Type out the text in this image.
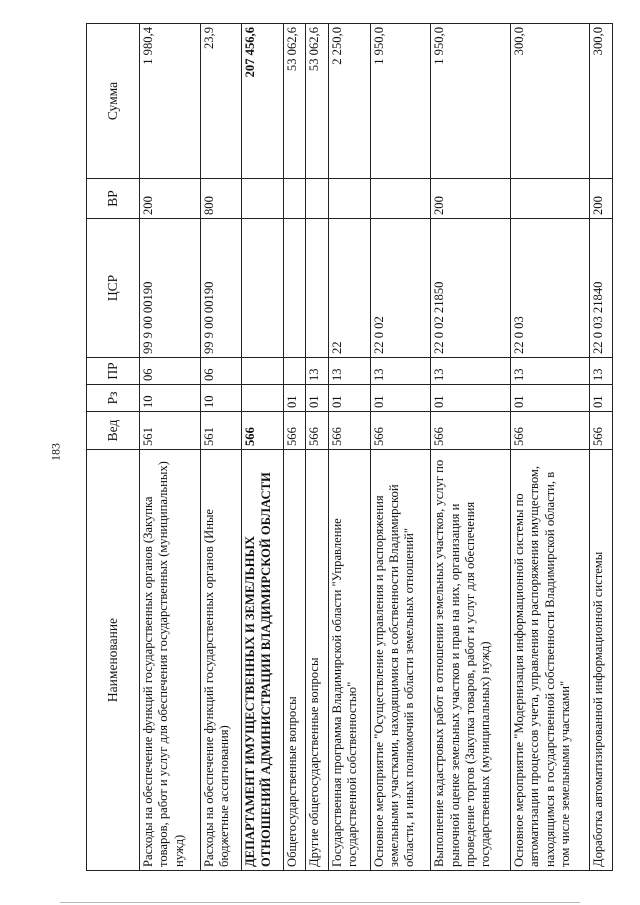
183
Наименование	Вед	Рз	ПР	ЦСР	ВР	Сумма
Расходы на обеспечение функций государственных органов (Закупка товаров, работ и услуг для обеспечения государственных (муниципальных) нужд)	561	10	06	99 9 00 00190	200	1 980,4
Расходы на обеспечение функций государственных органов (Иные бюджетные ассигнования)	561	10	06	99 9 00 00190	800	23,9
ДЕПАРТАМЕНТ ИМУЩЕСТВЕННЫХ И ЗЕМЕЛЬНЫХ ОТНОШЕНИЙ АДМИНИСТРАЦИИ ВЛАДИМИРСКОЙ ОБЛАСТИ	566					207 456,6
Общегосударственные вопросы	566	01				53 062,6
Другие общегосударственные вопросы	566	01	13			53 062,6
Государственная программа Владимирской области "Управление государственной собственностью"	566	01	13	22		2 250,0
Основное мероприятие "Осуществление управления и распоряжения земельными участками, находящимися в собственности Владимирской области, и иных полномочий в области земельных отношений"	566	01	13	22 0 02		1 950,0
Выполнение кадастровых работ в отношении земельных участков, услуг по рыночной оценке земельных участков и прав на них, организация и проведение торгов (Закупка товаров, работ и услуг для обеспечения государственных (муниципальных) нужд)	566	01	13	22 0 02 21850	200	1 950,0
Основное мероприятие "Модернизация информационной системы по автоматизации процессов учета, управления и распоряжения имуществом, находящимся в государственной собственности Владимирской области, в том числе земельными участками"	566	01	13	22 0 03		300,0
Доработка автоматизированной информационной системы	566	01	13	22 0 03 21840	200	300,0
